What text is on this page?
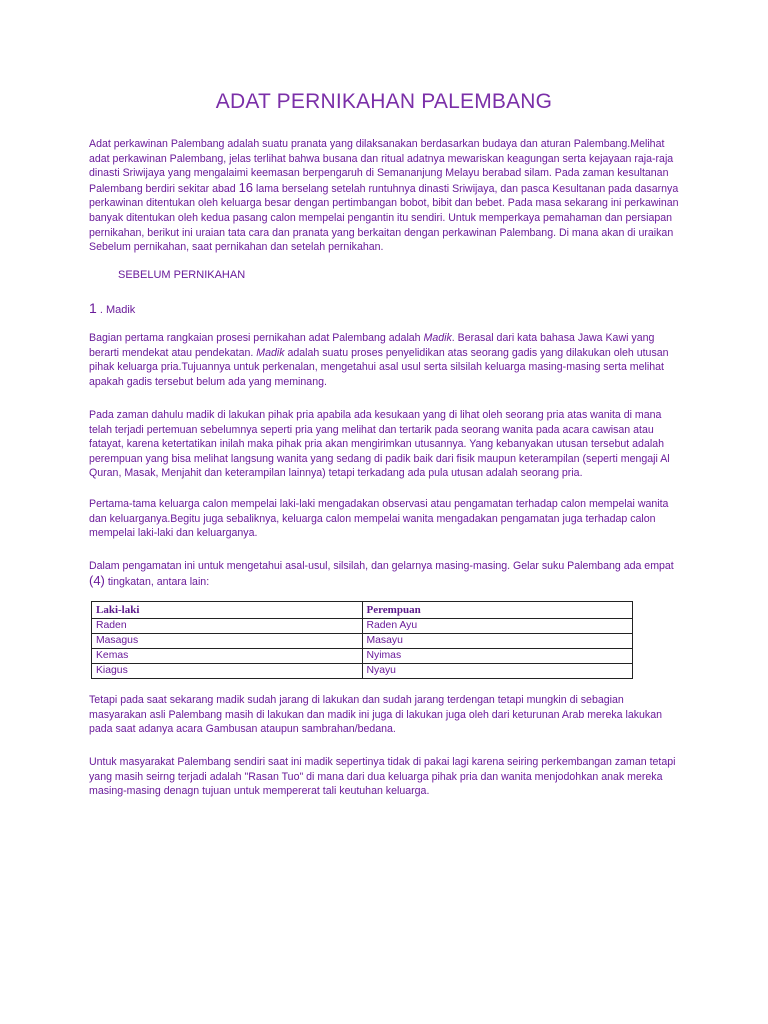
ADAT PERNIKAHAN PALEMBANG

Adat perkawinan Palembang adalah suatu pranata yang dilaksanakan berdasarkan budaya dan aturan Palembang.Melihat adat perkawinan Palembang, jelas terlihat bahwa busana dan ritual adatnya mewariskan keagungan serta kejayaan raja-raja dinasti Sriwijaya yang mengalaimi keemasan berpengaruh di Semananjung Melayu berabad silam. Pada zaman kesultanan Palembang berdiri sekitar abad 16 lama berselang setelah runtuhnya dinasti Sriwijaya, dan pasca Kesultanan pada dasarnya perkawinan ditentukan oleh keluarga besar dengan pertimbangan bobot, bibit dan bebet. Pada masa sekarang ini perkawinan banyak ditentukan oleh kedua pasang calon mempelai pengantin itu sendiri. Untuk memperkaya pemahaman dan persiapan pernikahan, berikut ini uraian tata cara dan pranata yang berkaitan dengan perkawinan Palembang. Di mana akan di uraikan Sebelum pernikahan, saat pernikahan dan setelah pernikahan.

SEBELUM PERNIKAHAN

1 . Madik

Bagian pertama rangkaian prosesi pernikahan adat Palembang adalah Madik. Berasal dari kata bahasa Jawa Kawi yang berarti mendekat atau pendekatan. Madik adalah suatu proses penyelidikan atas seorang gadis yang dilakukan oleh utusan pihak keluarga pria.Tujuannya untuk perkenalan, mengetahui asal usul serta silsilah keluarga masing-masing serta melihat apakah gadis tersebut belum ada yang meminang.

Pada zaman dahulu madik di lakukan pihak pria apabila ada kesukaan yang di lihat oleh seorang pria atas wanita di mana telah terjadi pertemuan sebelumnya seperti pria yang melihat dan tertarik pada seorang wanita pada acara cawisan atau fatayat, karena ketertatikan inilah maka pihak pria akan mengirimkan utusannya. Yang kebanyakan utusan tersebut adalah perempuan yang bisa melihat langsung wanita yang sedang di padik baik dari fisik maupun keterampilan (seperti mengaji Al Quran, Masak, Menjahit dan keterampilan lainnya) tetapi terkadang ada pula utusan adalah seorang pria.

Pertama-tama keluarga calon mempelai laki-laki mengadakan observasi atau pengamatan terhadap calon mempelai wanita dan keluarganya.Begitu juga sebaliknya, keluarga calon mempelai wanita mengadakan pengamatan juga terhadap calon mempelai laki-laki dan keluarganya.

Dalam pengamatan ini untuk mengetahui asal-usul, silsilah, dan gelarnya masing-masing. Gelar suku Palembang ada empat (4) tingkatan, antara lain:

Laki-laki	Perempuan
Raden	Raden Ayu
Masagus	Masayu
Kemas	Nyimas
Kiagus	Nyayu

Tetapi pada saat sekarang madik sudah jarang di lakukan dan sudah jarang terdengan tetapi mungkin di sebagian masyarakan asli Palembang masih di lakukan dan madik ini juga di lakukan juga oleh dari keturunan Arab mereka lakukan pada saat adanya acara Gambusan ataupun sambrahan/bedana.

Untuk masyarakat Palembang sendiri saat ini madik sepertinya tidak di pakai lagi karena seiring perkembangan zaman tetapi yang masih seirng terjadi adalah "Rasan Tuo" di mana dari dua keluarga pihak pria dan wanita menjodohkan anak mereka masing-masing denagn tujuan untuk mempererat tali keutuhan keluarga.
